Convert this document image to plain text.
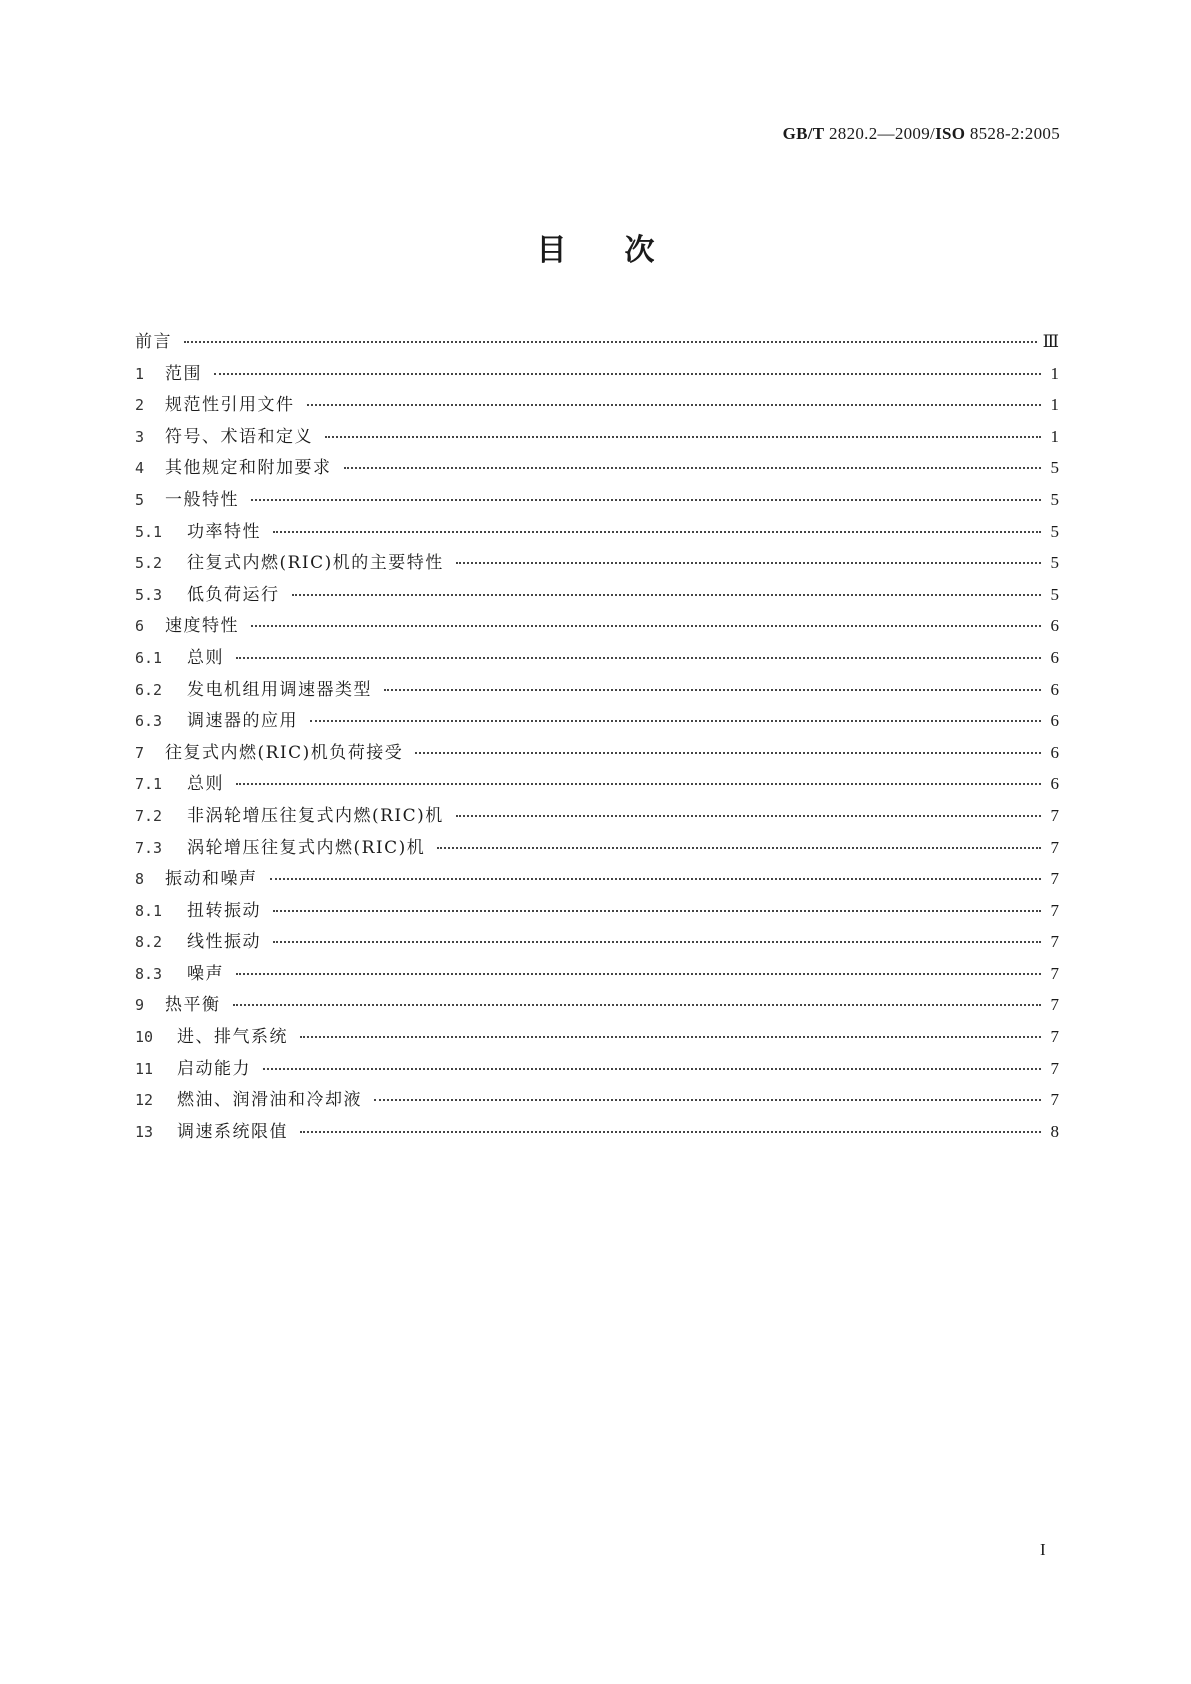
GB/T 2820.2—2009/ISO 8528-2:2005
目次
前言	Ⅲ
1	范围	1
2	规范性引用文件	1
3	符号、术语和定义	1
4	其他规定和附加要求	5
5	一般特性	5
5.1	功率特性	5
5.2	往复式内燃(RIC)机的主要特性	5
5.3	低负荷运行	5
6	速度特性	6
6.1	总则	6
6.2	发电机组用调速器类型	6
6.3	调速器的应用	6
7	往复式内燃(RIC)机负荷接受	6
7.1	总则	6
7.2	非涡轮增压往复式内燃(RIC)机	7
7.3	涡轮增压往复式内燃(RIC)机	7
8	振动和噪声	7
8.1	扭转振动	7
8.2	线性振动	7
8.3	噪声	7
9	热平衡	7
10	进、排气系统	7
11	启动能力	7
12	燃油、润滑油和冷却液	7
13	调速系统限值	8
I
